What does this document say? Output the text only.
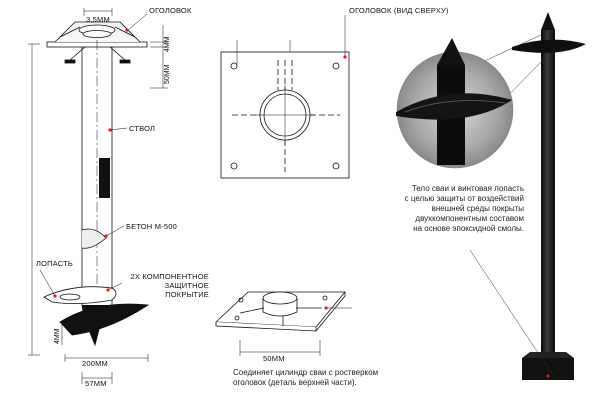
3,5ММ
ОГОЛОВОК
4ММ
50ММ
СТВОЛ
БЕТОН М-500
ЛОПАСТЬ
2Х КОМПОНЕНТНОЕ
ЗАЩИТНОЕ
ПОКРЫТИЕ
4ММ
200ММ
57ММ
ОГОЛОВОК (ВИД СВЕРХУ)
50ММ
Соединяет цилиндр сваи с ростверком
оголовок (деталь верхней части).
Тело сваи и винтовая лопасть
с целью защиты от воздействий
внешней среды покрыты
двухкомпонентным составом
на основе эпоксидной смолы.
